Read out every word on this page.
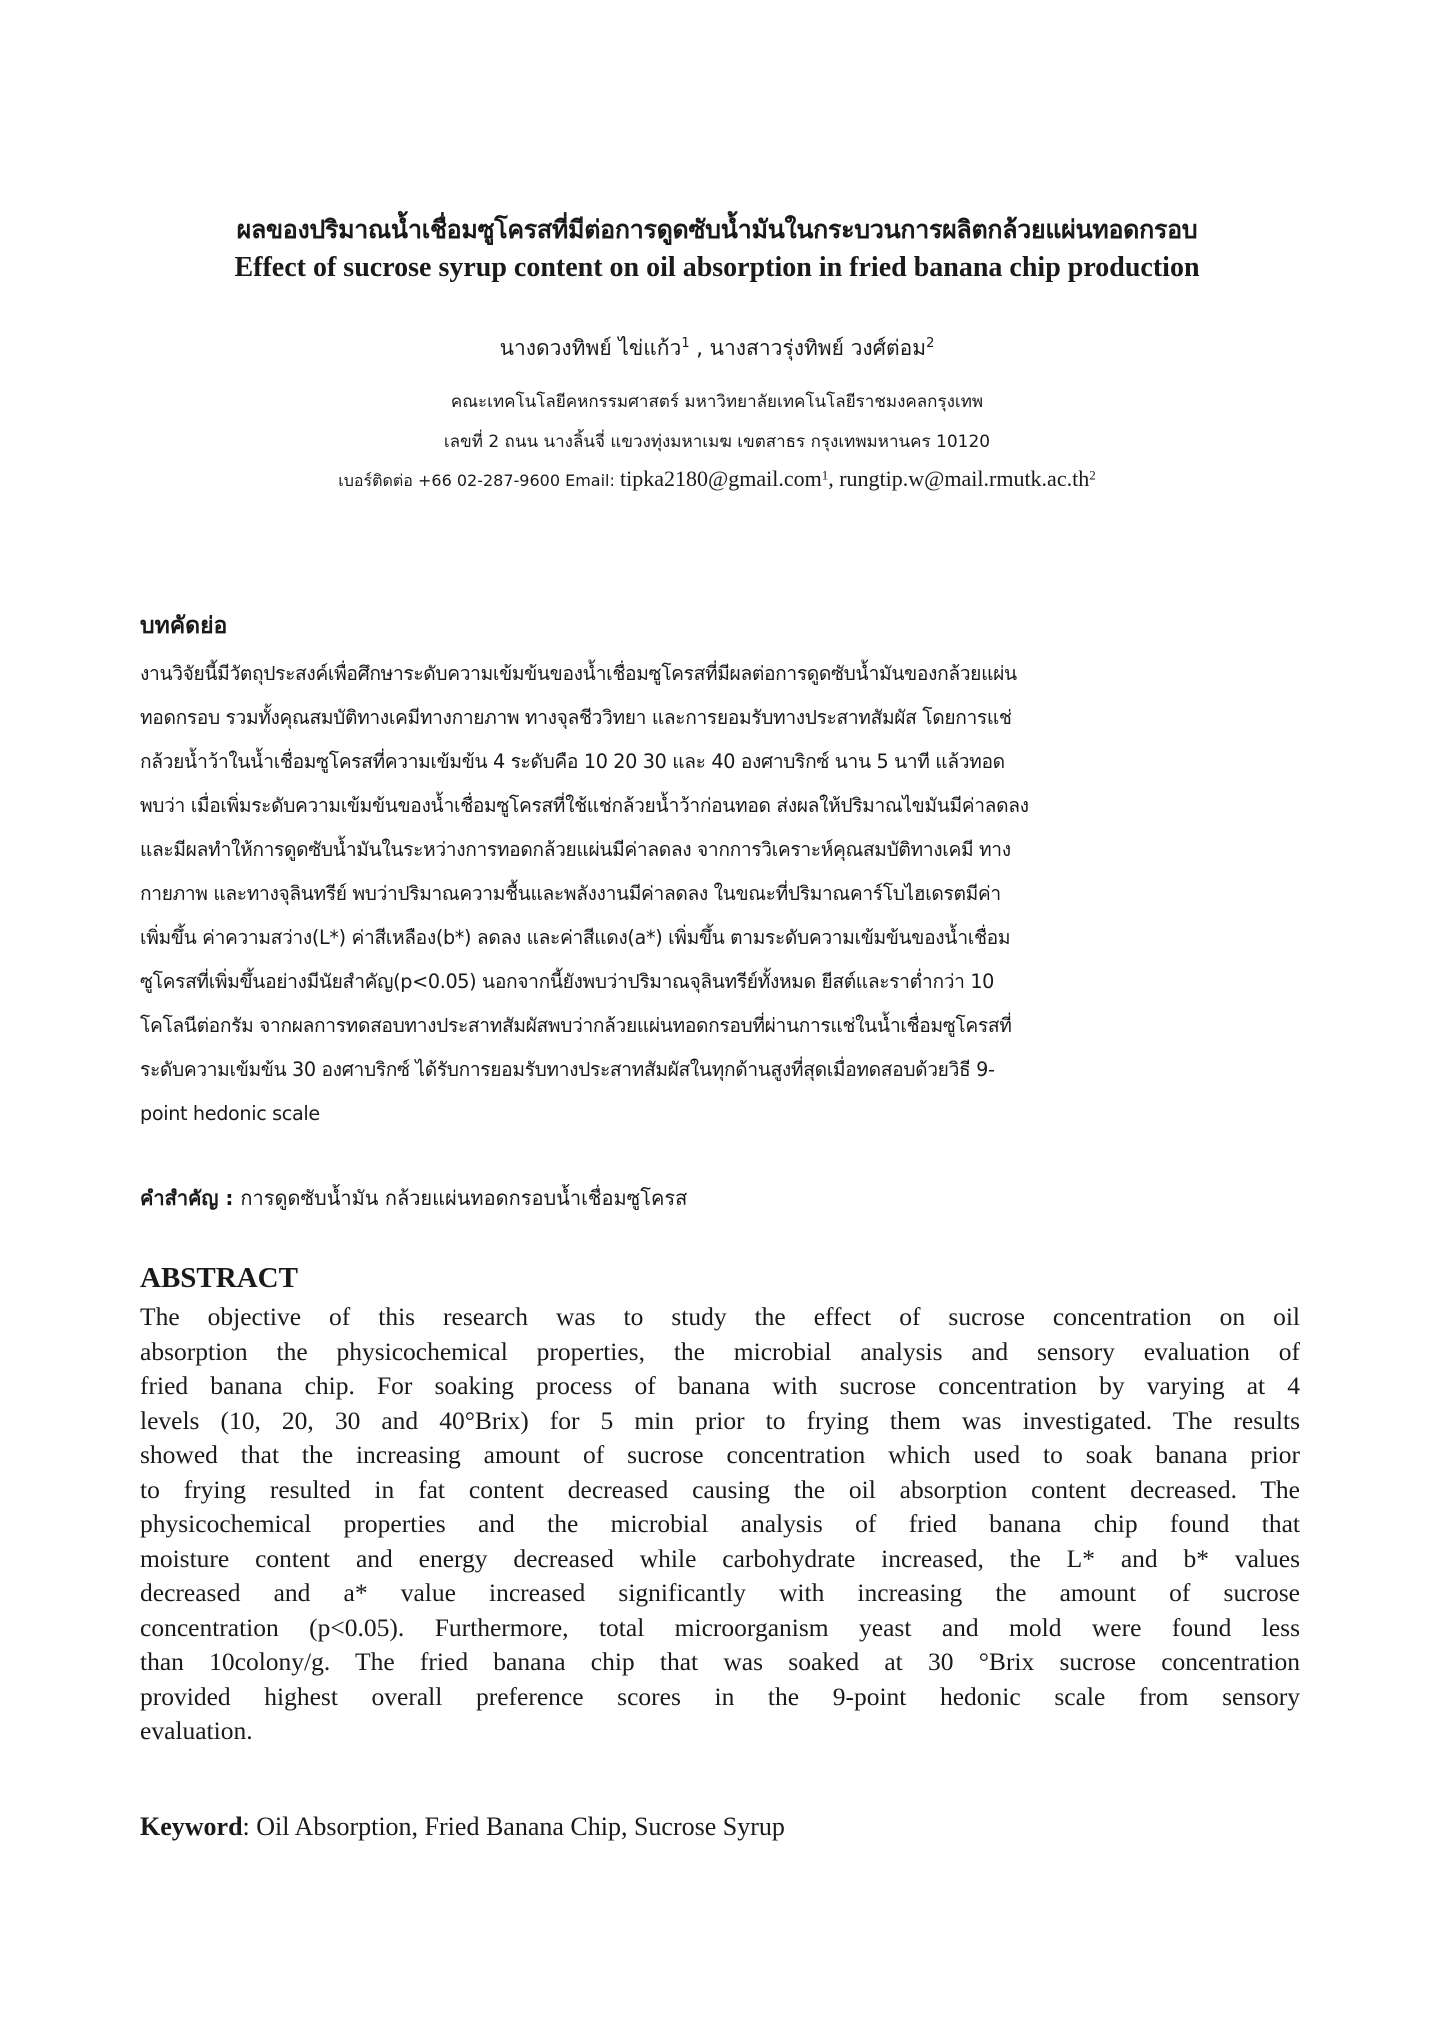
ผลของปริมาณน้ำเชื่อมซูโครสที่มีต่อการดูดซับน้ำมันในกระบวนการผลิตกล้วยแผ่นทอดกรอบ
Effect of sucrose syrup content on oil absorption in fried banana chip production
นางดวงทิพย์ ไข่แก้ว$^1$ , นางสาวรุ่งทิพย์ วงศ์ต่อม$^2$
คณะเทคโนโลยีคหกรรมศาสตร์ มหาวิทยาลัยเทคโนโลยีราชมงคลกรุงเทพ
เลขที่ 2 ถนน นางลิ้นจี่ แขวงทุ่งมหาเมฆ เขตสาธร กรุงเทพมหานคร 10120
เบอร์ติดต่อ +66 02-287-9600 Email: tipka2180@gmail.com$^1$, $rungtip.w@mail.rmutk.ac.th^2$
บทคัดย่อ
งานวิจัยนี้มีวัตถุประสงค์เพื่อศึกษาระดับความเข้มข้นของน้ำเชื่อมซูโครสที่มีผลต่อการดูดซับน้ำมันของกล้วยแผ่น
ทอดกรอบ รวมทั้งคุณสมบัติทางเคมีทางกายภาพ ทางจุลชีววิทยา และการยอมรับทางประสาทสัมผัส โดยการแช่
กล้วยน้ำว้าในน้ำเชื่อมซูโครสที่ความเข้มข้น 4 ระดับคือ 10 20 30 และ 40 องศาบริกซ์ นาน 5 นาที แล้วทอด
พบว่า เมื่อเพิ่มระดับความเข้มข้นของน้ำเชื่อมซูโครสที่ใช้แช่กล้วยน้ำว้าก่อนทอด ส่งผลให้ปริมาณไขมันมีค่าลดลง
และมีผลทำให้การดูดซับน้ำมันในระหว่างการทอดกล้วยแผ่นมีค่าลดลง จากการวิเคราะห์คุณสมบัติทางเคมี ทาง
กายภาพ และทางจุลินทรีย์ พบว่าปริมาณความชื้นและพลังงานมีค่าลดลง ในขณะที่ปริมาณคาร์โบไฮเดรตมีค่า
เพิ่มขึ้น ค่าความสว่าง(L*) ค่าสีเหลือง(b*) ลดลง และค่าสีแดง(a*) เพิ่มขึ้น ตามระดับความเข้มข้นของน้ำเชื่อม
ซูโครสที่เพิ่มขึ้นอย่างมีนัยสำคัญ(p<0.05) นอกจากนี้ยังพบว่าปริมาณจุลินทรีย์ทั้งหมด ยีสต์และราต่ำกว่า 10
โคโลนีต่อกรัม จากผลการทดสอบทางประสาทสัมผัสพบว่ากล้วยแผ่นทอดกรอบที่ผ่านการแช่ในน้ำเชื่อมซูโครสที่
ระดับความเข้มข้น 30 องศาบริกซ์ ได้รับการยอมรับทางประสาทสัมผัสในทุกด้านสูงที่สุดเมื่อทดสอบด้วยวิธี 9-
point hedonic scale
คำสำคัญ : การดูดซับน้ำมัน กล้วยแผ่นทอดกรอบน้ำเชื่อมซูโครส
ABSTRACT
The objective of this research was to study the effect of sucrose concentration on oil
absorption the physicochemical properties, the microbial analysis and sensory evaluation of
fried banana chip. For soaking process of banana with sucrose concentration by varying at 4
levels (10, 20, 30 and 40°Brix) for 5 min prior to frying them was investigated. The results
showed that the increasing amount of sucrose concentration which used to soak banana prior
to frying resulted in fat content decreased causing the oil absorption content decreased. The
physicochemical properties and the microbial analysis of fried banana chip found that
moisture content and energy decreased while carbohydrate increased, the L* and b* values
decreased and a* value increased significantly with increasing the amount of sucrose
concentration (p<0.05). Furthermore, total microorganism yeast and mold were found less
than 10colony/g. The fried banana chip that was soaked at 30 °Brix sucrose concentration
provided highest overall preference scores in the 9-point hedonic scale from sensory
evaluation.
Keyword: Oil Absorption, Fried Banana Chip, Sucrose Syrup
